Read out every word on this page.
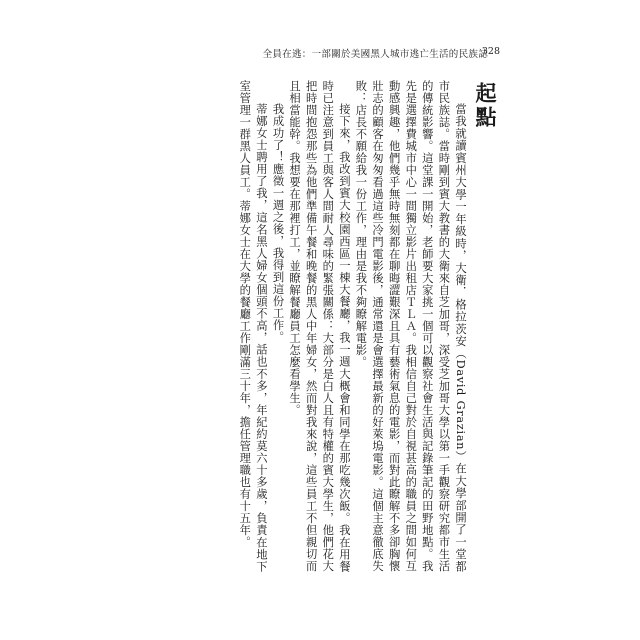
全員在逃：一部關於美國黑人城市逃亡生活的民族誌
328
起點

當我就讀賓州大學一年級時，大衛．格拉茨安（David Grazian）在大學部開了一堂都市民族誌。當時剛到賓大教書的大衛來自芝加哥，深受芝加哥大學以第一手觀察研究都市生活的傳統影響。這堂課一開始，老師要大家挑一個可以觀察社會生活與記錄筆記的田野地點。我先是選擇費城市中心一間獨立影片出租店ＴＬＡ。我相信自己對於自視甚高的職員之間如何互動感興趣，他們幾乎無時無刻都在聊晦澀艱深且具有藝術氣息的電影，而對此瞭解不多卻胸懷壯志的顧客在匆匆看過這些冷門電影後，通常還是會選擇最新的好萊塢電影。這個主意徹底失敗：店長不願給我一份工作，理由是我不夠瞭解電影。

接下來，我改到賓大校園西區一棟大餐廳，我一週大概會和同學在那吃幾次飯。我在用餐時已注意到員工與客人間耐人尋味的緊張關係：大部分是白人且有特權的賓大學生，他們花大把時間抱怨那些為他們準備午餐和晚餐的黑人中年婦女，然而對我來說，這些員工不但親切而且相當能幹。我想要在那裡打工，並瞭解餐廳員工怎麼看學生。

我成功了！應徵一週之後，我得到這份工作。

蒂娜女士聘用了我，這名黑人婦女個頭不高，話也不多，年紀約莫六十多歲，負責在地下室管理一群黑人員工。蒂娜女士在大學的餐廳工作剛滿三十年，擔任管理職也有十五年。
